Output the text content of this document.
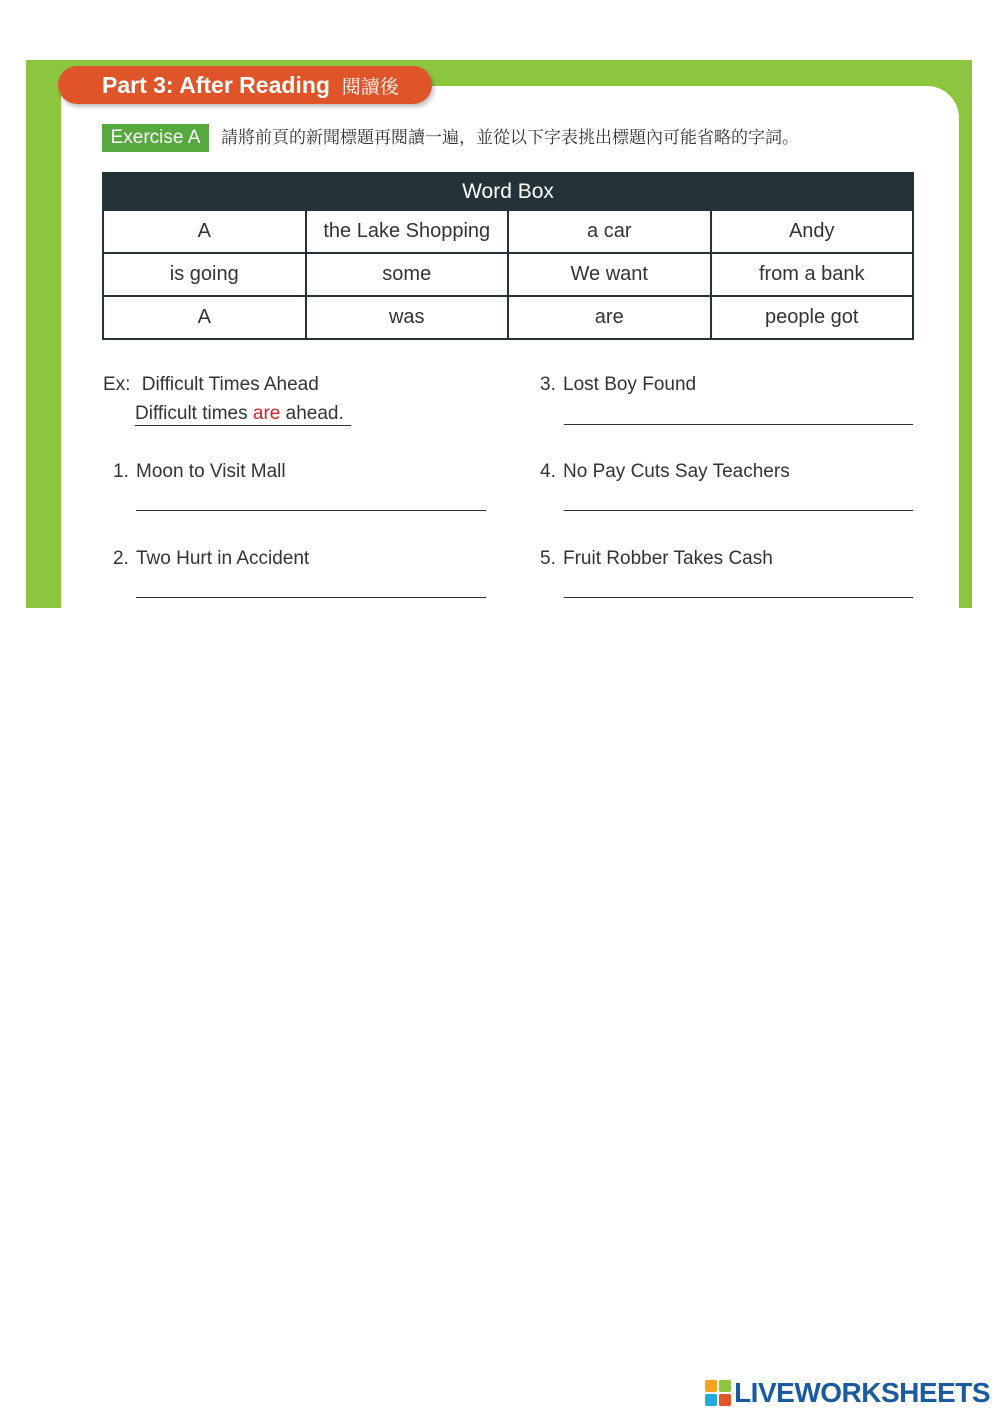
Part 3: After Reading 閱讀後
Exercise A	請將前頁的新聞標題再閱讀一遍，並從以下字表挑出標題內可能省略的字詞。
Word Box
A	the Lake Shopping	a car	Andy
is going	some	We want	from a bank
A	was	are	people got
Ex: Difficult Times Ahead
Difficult times are ahead.
1. Moon to Visit Mall
2. Two Hurt in Accident
3. Lost Boy Found
4. No Pay Cuts Say Teachers
5. Fruit Robber Takes Cash
LIVEWORKSHEETS
